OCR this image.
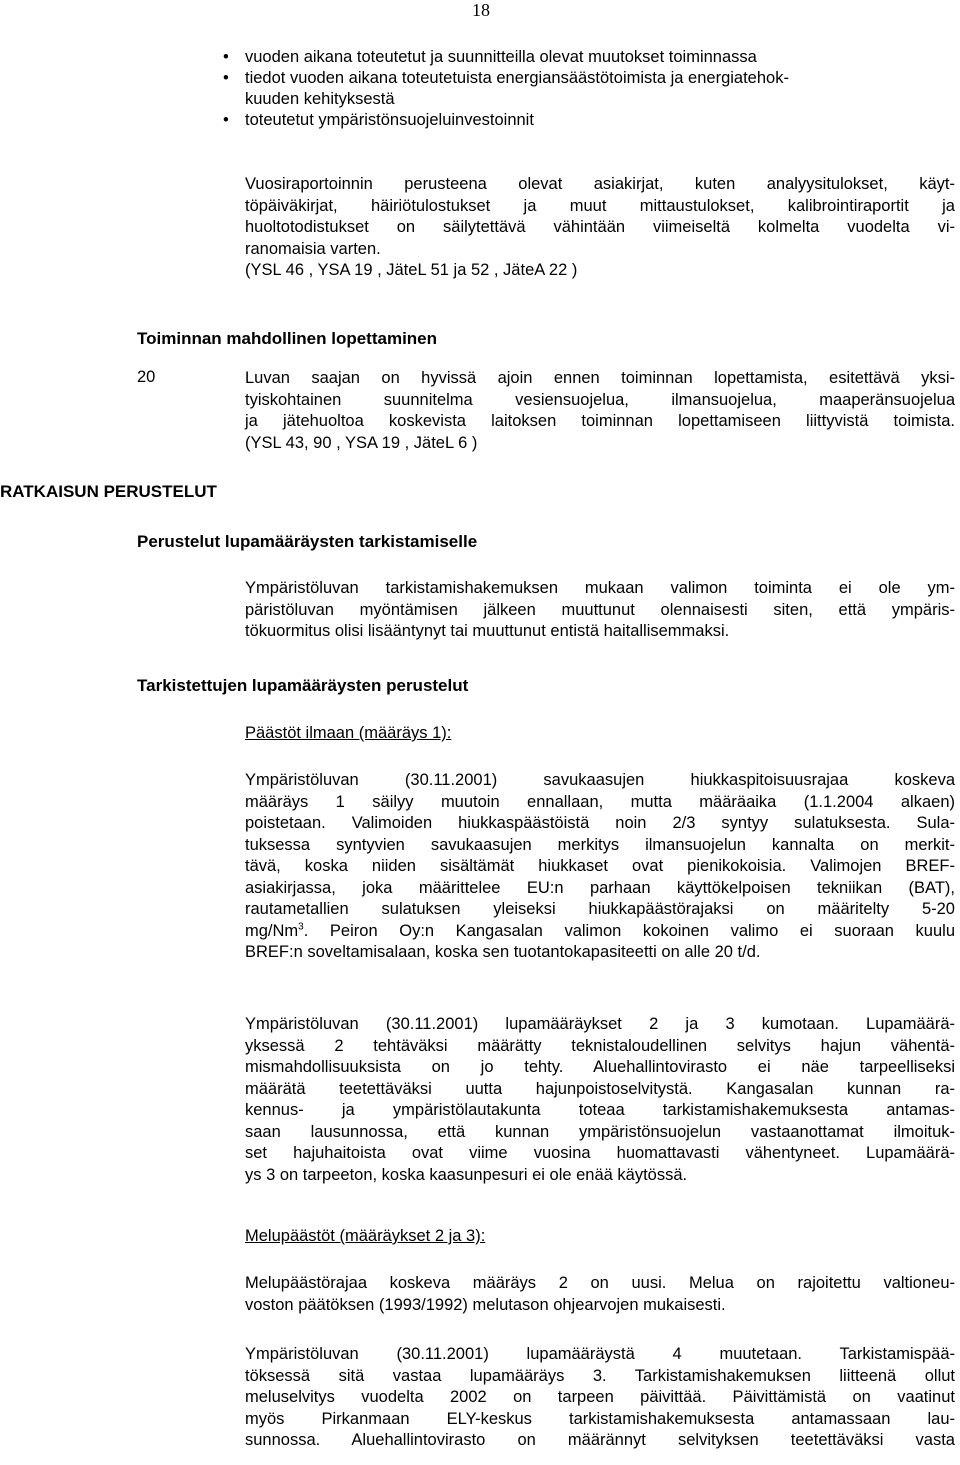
18
• vuoden aikana toteutetut ja suunnitteilla olevat muutokset toiminnassa
• tiedot vuoden aikana toteutetuista energiansäästötoimista ja energiatehok-
kuuden kehityksestä
• toteutetut ympäristönsuojeluinvestoinnit
Vuosiraportoinnin perusteena olevat asiakirjat, kuten analyysitulokset, käyt-
töpäiväkirjat, häiriötulostukset ja muut mittaustulokset, kalibrointiraportit ja
huoltotodistukset on säilytettävä vähintään viimeiseltä kolmelta vuodelta vi-
ranomaisia varten.
(YSL 46 , YSA 19 , JäteL 51 ja 52 , JäteA 22 )
Toiminnan mahdollinen lopettaminen
20	Luvan saajan on hyvissä ajoin ennen toiminnan lopettamista, esitettävä yksi-
tyiskohtainen suunnitelma vesiensuojelua, ilmansuojelua, maaperänsuojelua
ja jätehuoltoa koskevista laitoksen toiminnan lopettamiseen liittyvistä toimista.
(YSL 43, 90 , YSA 19 , JäteL 6 )
RATKAISUN PERUSTELUT
Perustelut lupamääräysten tarkistamiselle
Ympäristöluvan tarkistamishakemuksen mukaan valimon toiminta ei ole ym-
päristöluvan myöntämisen jälkeen muuttunut olennaisesti siten, että ympäris-
tökuormitus olisi lisääntynyt tai muuttunut entistä haitallisemmaksi.
Tarkistettujen lupamääräysten perustelut
Päästöt ilmaan (määräys 1):
Ympäristöluvan (30.11.2001) savukaasujen hiukkaspitoisuusrajaa koskeva
määräys 1 säilyy muutoin ennallaan, mutta määräaika (1.1.2004 alkaen)
poistetaan. Valimoiden hiukkaspäästöistä noin 2/3 syntyy sulatuksesta. Sula-
tuksessa syntyvien savukaasujen merkitys ilmansuojelun kannalta on merkit-
tävä, koska niiden sisältämät hiukkaset ovat pienikokoisia. Valimojen BREF-
asiakirjassa, joka määrittelee EU:n parhaan käyttökelpoisen tekniikan (BAT),
rautametallien sulatuksen yleiseksi hiukkapäästörajaksi on määritelty 5-20
mg/Nm$^3$. Peiron Oy:n Kangasalan valimon kokoinen valimo ei suoraan kuulu
BREF:n soveltamisalaan, koska sen tuotantokapasiteetti on alle 20 t/d.
Ympäristöluvan (30.11.2001) lupamääräykset 2 ja 3 kumotaan. Lupamäärä-
yksessä 2 tehtäväksi määrätty teknistaloudellinen selvitys hajun vähentä-
mismahdollisuuksista on jo tehty. Aluehallintovirasto ei näe tarpeelliseksi
määrätä teetettäväksi uutta hajunpoistoselvitystä. Kangasalan kunnan ra-
kennus- ja ympäristölautakunta toteaa tarkistamishakemuksesta antamas-
saan lausunnossa, että kunnan ympäristönsuojelun vastaanottamat ilmoituk-
set hajuhaitoista ovat viime vuosina huomattavasti vähentyneet. Lupamäärä-
ys 3 on tarpeeton, koska kaasunpesuri ei ole enää käytössä.
Melupäästöt (määräykset 2 ja 3):
Melupäästörajaa koskeva määräys 2 on uusi. Melua on rajoitettu valtioneu-
voston päätöksen (1993/1992) melutason ohjearvojen mukaisesti.
Ympäristöluvan (30.11.2001) lupamääräystä 4 muutetaan. Tarkistamispää-
töksessä sitä vastaa lupamääräys 3. Tarkistamishakemuksen liitteenä ollut
meluselvitys vuodelta 2002 on tarpeen päivittää. Päivittämistä on vaatinut
myös Pirkanmaan ELY-keskus tarkistamishakemuksesta antamassaan lau-
sunnossa. Aluehallintovirasto on määrännyt selvityksen teetettäväksi vasta
